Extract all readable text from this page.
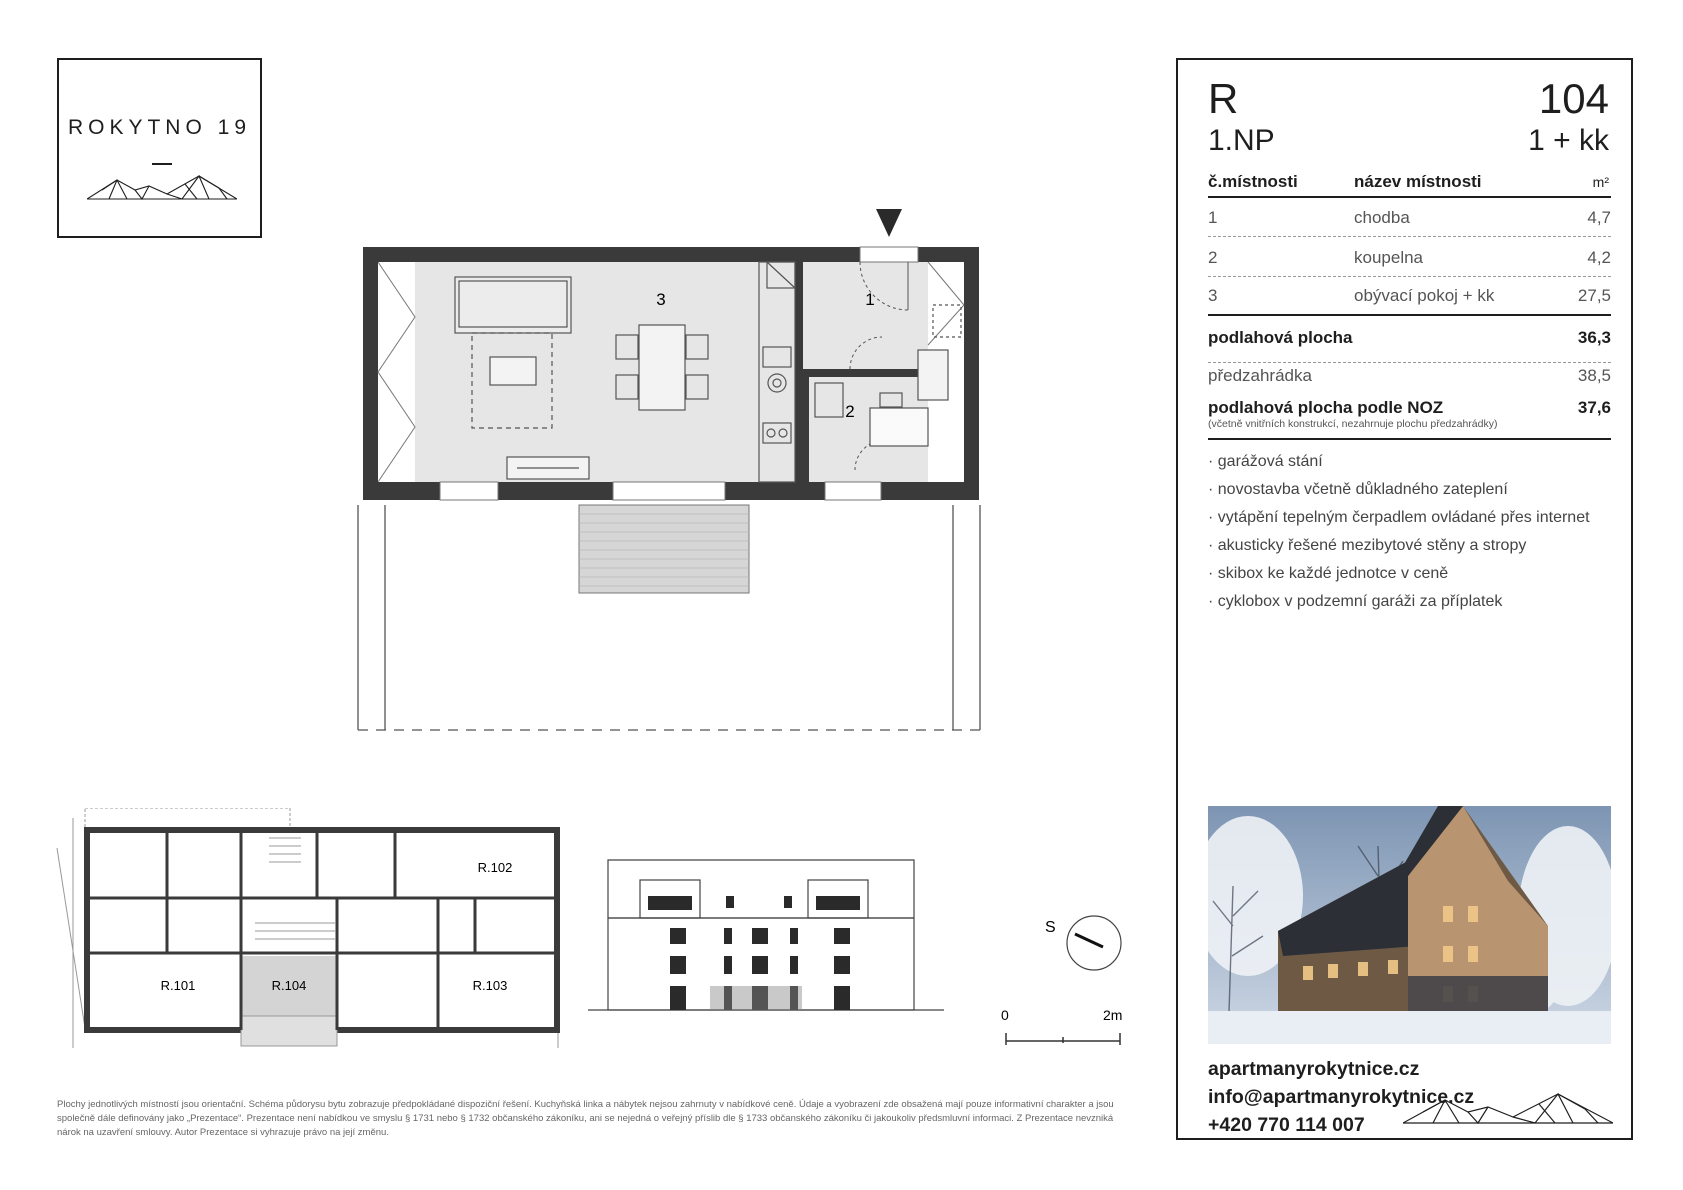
ROKYTNO 19
3	1
2
R.101
R.102
R.103
R.104
S
0	2m
Plochy jednotlivých místností jsou orientační. Schéma půdorysu bytu zobrazuje předpokládané dispoziční řešení. Kuchyňská linka a nábytek nejsou zahrnuty v nabídkové ceně. Údaje a vyobrazení zde obsažená mají pouze informativní charakter a jsou společně dále definovány jako „Prezentace“. Prezentace není nabídkou ve smyslu § 1731 nebo § 1732 občanského zákoníku, ani se nejedná o veřejný příslib dle § 1733 občanského zákoníku či jakoukoliv předsmluvní informaci. Z Prezentace nevzniká nárok na uzavření smlouvy. Autor Prezentace si vyhrazuje právo na její změnu.
R	104
1.NP	1 + kk
č.místnosti	název místnosti	m²
1	chodba	4,7
2	koupelna	4,2
3	obývací pokoj + kk	27,5
podlahová plocha	36,3
předzahrádka	38,5
podlahová plocha podle NOZ	37,6
(včetně vnitřních konstrukcí, nezahrnuje plochu předzahrádky)
· garážová stání
· novostavba včetně důkladného zateplení
· vytápění tepelným čerpadlem ovládané přes internet
· akusticky řešené mezibytové stěny a stropy
· skibox ke každé jednotce v ceně
· cyklobox v podzemní garáži za příplatek
apartmanyrokytnice.cz
info@apartmanyrokytnice.cz
+420 770 114 007
